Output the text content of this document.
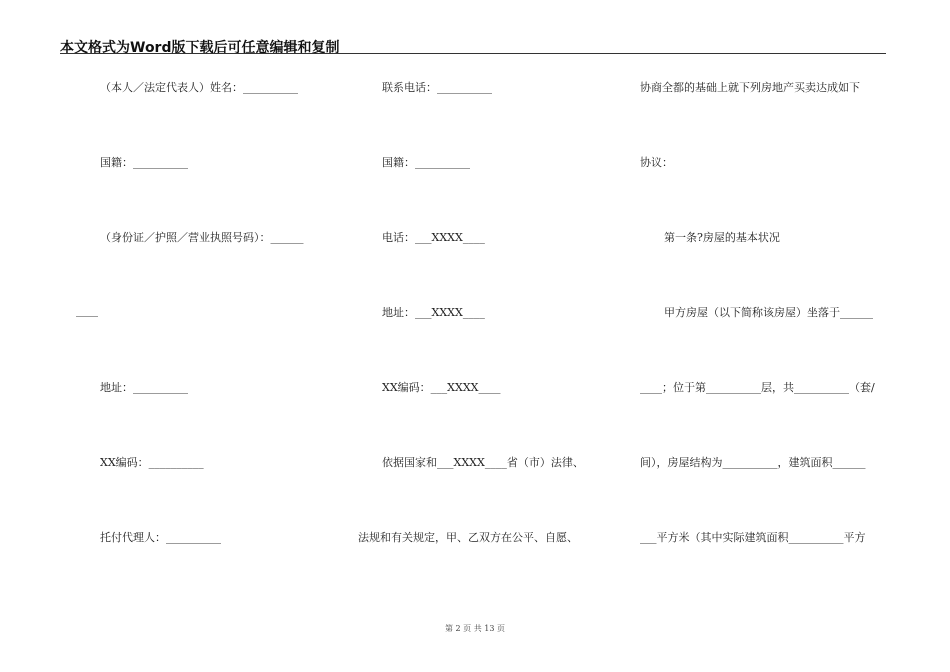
本文格式为Word版下载后可任意编辑和复制
（本人／法定代表人）姓名：__________
国籍：__________
（身份证／护照／营业执照号码）：______
____
地址：__________
XX编码：__________
托付代理人：__________
联系电话：__________
国籍：__________
电话：___XXXX____
地址：___XXXX____
XX编码：___XXXX____
依据国家和___XXXX____省（市）法律、
法规和有关规定，甲、乙双方在公平、自愿、
协商全都的基础上就下列房地产买卖达成如下
协议：
第一条?房屋的基本状况
甲方房屋（以下简称该房屋）坐落于______
____；位于第__________层，共__________（套/
间），房屋结构为__________，建筑面积______
___平方米（其中实际建筑面积__________平方
第 2 页 共 13 页
